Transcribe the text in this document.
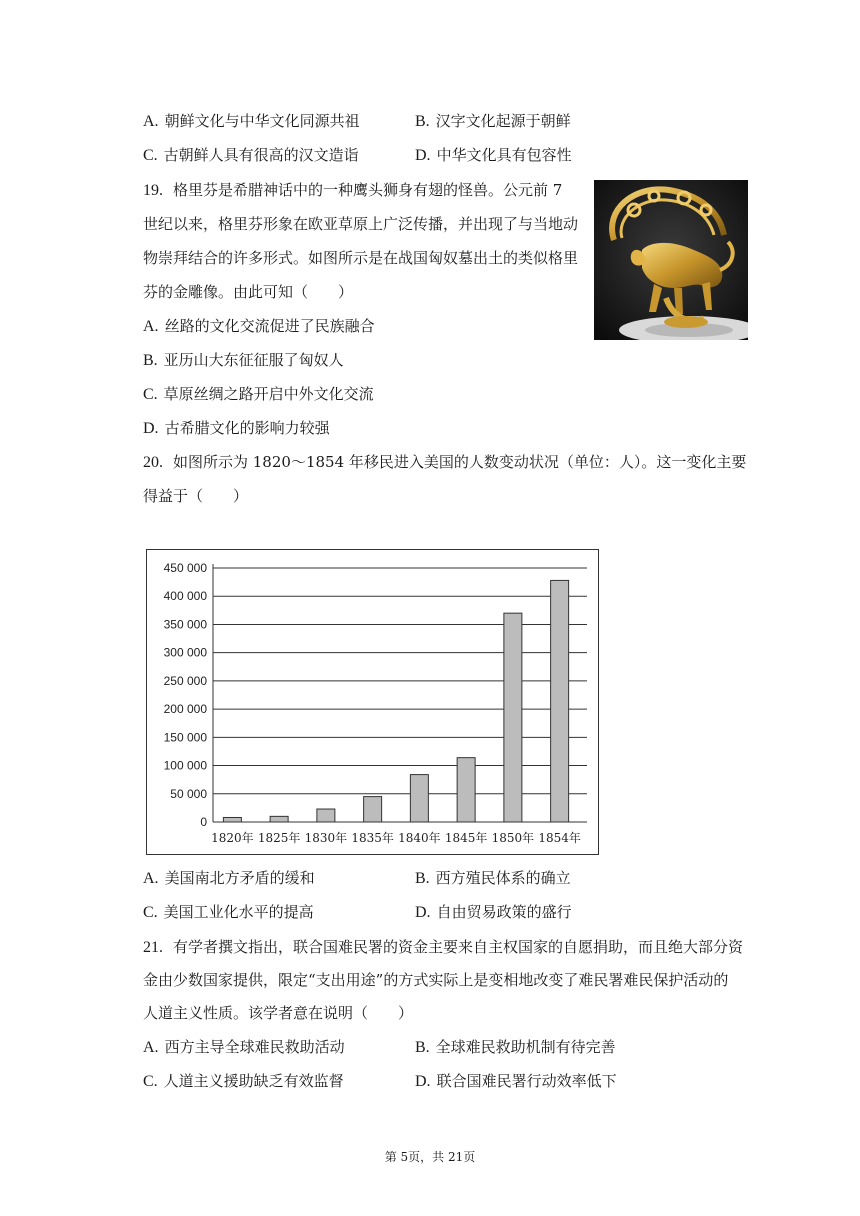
A. 朝鲜文化与中华文化同源共祖	B. 汉字文化起源于朝鲜
C. 古朝鲜人具有很高的汉文造诣	D. 中华文化具有包容性
19. 格里芬是希腊神话中的一种鹰头狮身有翅的怪兽。公元前 7
世纪以来，格里芬形象在欧亚草原上广泛传播，并出现了与当地动
物崇拜结合的许多形式。如图所示是在战国匈奴墓出土的类似格里
芬的金雕像。由此可知（　　）
A. 丝路的文化交流促进了民族融合
B. 亚历山大东征征服了匈奴人
C. 草原丝绸之路开启中外文化交流
D. 古希腊文化的影响力较强
20. 如图所示为 1820～1854 年移民进入美国的人数变动状况（单位：人）。这一变化主要
得益于（　　）
0
50 000
100 000
150 000
200 000
250 000
300 000
350 000
400 000
450 000
1820年 1825年 1830年 1835年 1840年 1845年 1850年 1854年
A. 美国南北方矛盾的缓和	B. 西方殖民体系的确立
C. 美国工业化水平的提高	D. 自由贸易政策的盛行
21. 有学者撰文指出，联合国难民署的资金主要来自主权国家的自愿捐助，而且绝大部分资
金由少数国家提供，限定“支出用途”的方式实际上是变相地改变了难民署难民保护活动的
人道主义性质。该学者意在说明（　　）
A. 西方主导全球难民救助活动	B. 全球难民救助机制有待完善
C. 人道主义援助缺乏有效监督	D. 联合国难民署行动效率低下
第 5页，共 21页
